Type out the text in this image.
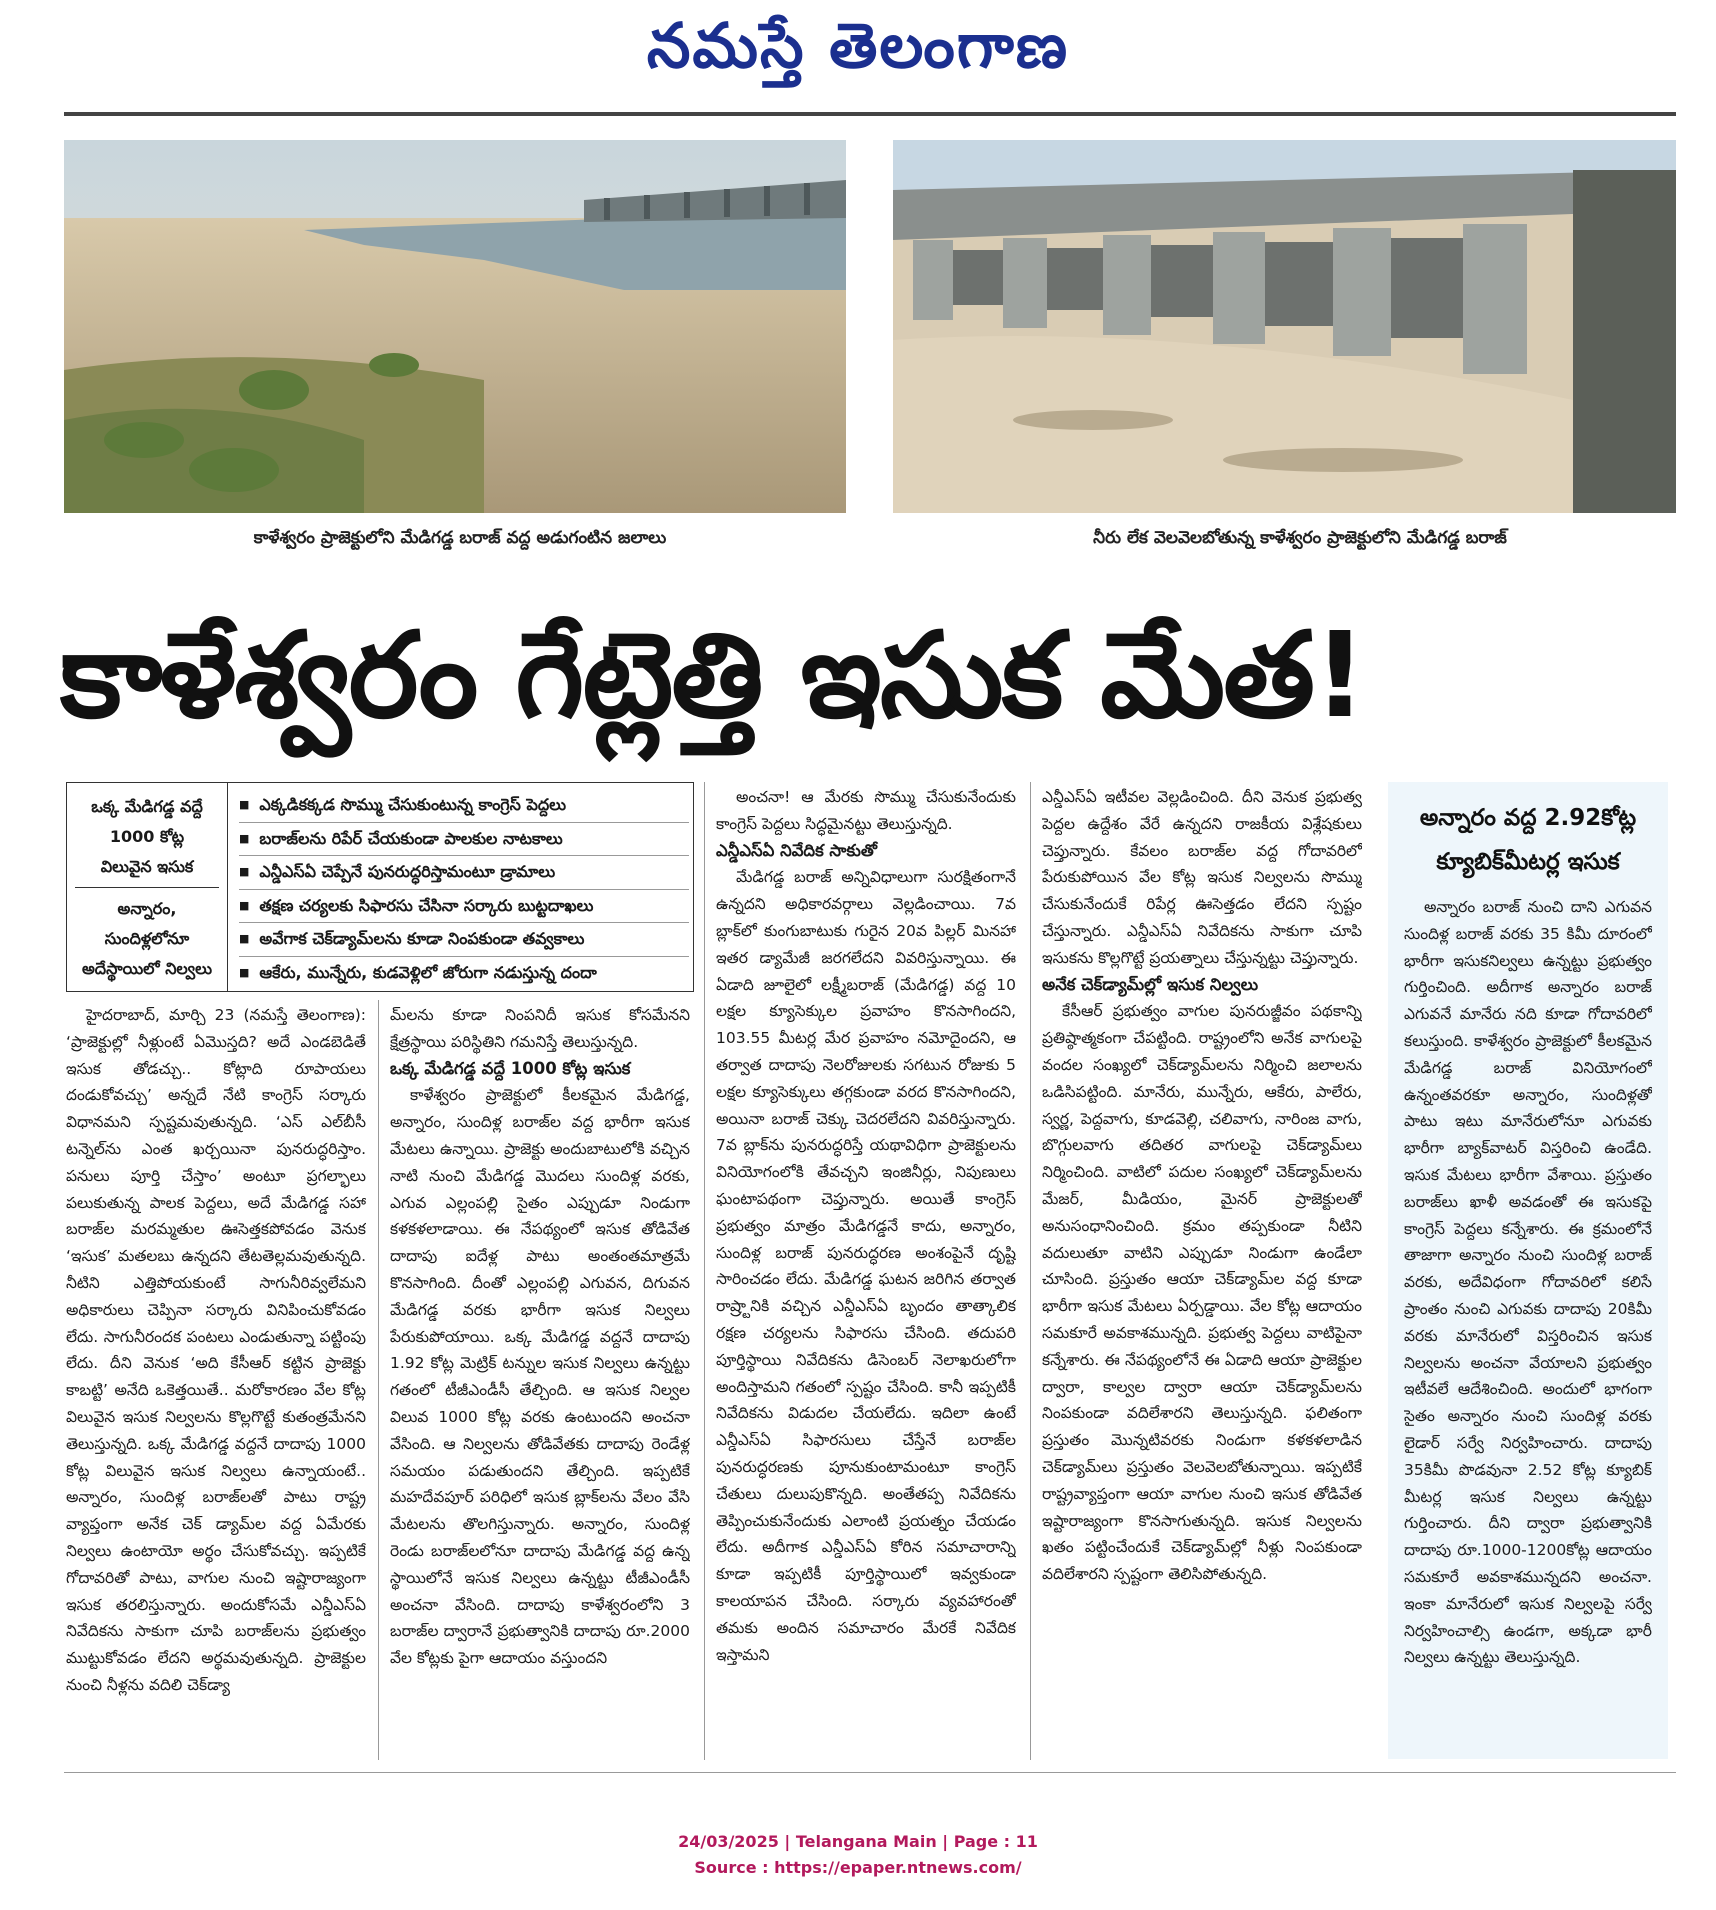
నమస్తే తెలంగాణ
కాళేశ్వరం ప్రాజెక్టులోని మేడిగడ్డ బరాజ్ వద్ద అడుగంటిన జలాలు	నీరు లేక వెలవెలబోతున్న కాళేశ్వరం ప్రాజెక్టులోని మేడిగడ్డ బరాజ్
కాళేశ్వరం గేట్లెత్తి ఇసుక మేత!
ఒక్క మేడిగడ్డ వద్దే
1000 కోట్ల
విలువైన ఇసుక
అన్నారం,
సుందిళ్లలోనూ
అదేస్థాయిలో నిల్వలు
■ ఎక్కడికక్కడ సొమ్ము చేసుకుంటున్న కాంగ్రెస్ పెద్దలు
■ బరాజ్‌లను రిపేర్ చేయకుండా పాలకుల నాటకాలు
■ ఎన్డీఎస్‌ఏ చెప్పేనే పునరుద్ధరిస్తామంటూ డ్రామాలు
■ తక్షణ చర్యలకు సిఫారసు చేసినా సర్కారు బుట్టదాఖలు
■ అవేగాక చెక్‌డ్యామ్‌లను కూడా నింపకుండా తవ్వకాలు
■ ఆకేరు, మున్నేరు, కుడవెళ్లిలో జోరుగా నడుస్తున్న దందా

హైదరాబాద్, మార్చి 23 (నమస్తే తెలంగాణ): ‘ప్రాజెక్టుల్లో నీళ్లుంటే ఏమొస్తది? అదే ఎండబెడితే ఇసుక తోడచ్చు.. కోట్లాది రూపాయలు దండుకోవచ్చు’ అన్నదే నేటి కాంగ్రెస్ సర్కారు విధానమని స్పష్టమవుతున్నది. ‘ఎస్ ఎల్‌బీసీ టన్నెల్‌ను ఎంత ఖర్చయినా పునరుద్ధరిస్తాం. పనులు పూర్తి చేస్తాం’ అంటూ ప్రగల్భాలు పలుకుతున్న పాలక పెద్దలు, అదే మేడిగడ్డ సహా బరాజ్‌ల మరమ్మతుల ఊసెత్తకపోవడం వెనుక ‘ఇసుక’ మతలబు ఉన్నదని తేటతెల్లమవుతున్నది. నీటిని ఎత్తిపోయకుంటే సాగునీరివ్వలేమని అధికారులు చెప్పినా సర్కారు వినిపించుకోవడం లేదు. సాగునీరందక పంటలు ఎండుతున్నా పట్టింపు లేదు. దీని వెనుక ‘అది కేసీఆర్ కట్టిన ప్రాజెక్టు కాబట్టి’ అనేది ఒకెత్తయితే.. మరోకారణం వేల కోట్ల విలువైన ఇసుక నిల్వలను కొల్లగొట్టే కుతంత్రమేనని తెలుస్తున్నది. ఒక్క మేడిగడ్డ వద్దనే దాదాపు 1000 కోట్ల విలువైన ఇసుక నిల్వలు ఉన్నాయంటే.. అన్నారం, సుందిళ్ల బరాజ్‌లతో పాటు రాష్ట్ర వ్యాప్తంగా అనేక చెక్ డ్యామ్‌ల వద్ద ఏమేరకు నిల్వలు ఉంటాయో అర్థం చేసుకోవచ్చు. ఇప్పటికే గోదావరితో పాటు, వాగుల నుంచి ఇష్టారాజ్యంగా ఇసుక తరలిస్తున్నారు. అందుకోసమే ఎన్డీఎస్‌ఏ నివేదికను సాకుగా చూపి బరాజ్‌లను ప్రభుత్వం ముట్టుకోవడం లేదని అర్థమవుతున్నది. ప్రాజెక్టుల నుంచి నీళ్లను వదిలి చెక్‌డ్యా

మ్‌లను కూడా నింపనిదీ ఇసుక కోసమేనని క్షేత్రస్థాయి పరిస్థితిని గమనిస్తే తెలుస్తున్నది.

ఒక్క మేడిగడ్డ వద్దే 1000 కోట్ల ఇసుక

కాళేశ్వరం ప్రాజెక్టులో కీలకమైన మేడిగడ్డ, అన్నారం, సుందిళ్ల బరాజ్‌ల వద్ద భారీగా ఇసుక మేటలు ఉన్నాయి. ప్రాజెక్టు అందుబాటులోకి వచ్చిన నాటి నుంచి మేడిగడ్డ మొదలు సుందిళ్ల వరకు, ఎగువ ఎల్లంపల్లి సైతం ఎప్పుడూ నిండుగా కళకళలాడాయి. ఈ నేపథ్యంలో ఇసుక తోడివేత దాదాపు ఐదేళ్ల పాటు అంతంతమాత్రమే కొనసాగింది. దీంతో ఎల్లంపల్లి ఎగువన, దిగువన మేడిగడ్డ వరకు భారీగా ఇసుక నిల్వలు పేరుకుపోయాయి. ఒక్క మేడిగడ్డ వద్దనే దాదాపు 1.92 కోట్ల మెట్రిక్ టన్నుల ఇసుక నిల్వలు ఉన్నట్టు గతంలో టీజీఎండీసీ తేల్చింది. ఆ ఇసుక నిల్వల విలువ 1000 కోట్ల వరకు ఉంటుందని అంచనా వేసింది. ఆ నిల్వలను తోడివేతకు దాదాపు రెండేళ్ల సమయం పడుతుందని తేల్చింది. ఇప్పటికే మహదేవపూర్ పరిధిలో ఇసుక బ్లాక్‌లను వేలం వేసి మేటలను తొలగిస్తున్నారు. అన్నారం, సుందిళ్ల రెండు బరాజ్‌లలోనూ దాదాపు మేడిగడ్డ వద్ద ఉన్న స్థాయిలోనే ఇసుక నిల్వలు ఉన్నట్టు టీజీఎండీసీ అంచనా వేసింది. దాదాపు కాళేశ్వరంలోని 3 బరాజ్‌ల ద్వారానే ప్రభుత్వానికి దాదాపు రూ.2000 వేల కోట్లకు పైగా ఆదాయం వస్తుందని

అంచనా! ఆ మేరకు సొమ్ము చేసుకునేందుకు కాంగ్రెస్ పెద్దలు సిద్ధమైనట్టు తెలుస్తున్నది.

ఎన్డీఎస్‌ఏ నివేదిక సాకుతో

మేడిగడ్డ బరాజ్ అన్నివిధాలుగా సురక్షితంగానే ఉన్నదని అధికారవర్గాలు వెల్లడించాయి. 7వ బ్లాక్‌లో కుంగుబాటుకు గురైన 20వ పిల్లర్ మినహా ఇతర డ్యామేజీ జరగలేదని వివరిస్తున్నాయి. ఈ ఏడాది జూలైలో లక్ష్మీబరాజ్ (మేడిగడ్డ) వద్ద 10 లక్షల క్యూసెక్కుల ప్రవాహం కొనసాగిందని, 103.55 మీటర్ల మేర ప్రవాహం నమోదైందని, ఆ తర్వాత దాదాపు నెలరోజులకు సగటున రోజుకు 5 లక్షల క్యూసెక్కులు తగ్గకుండా వరద కొనసాగిందని, అయినా బరాజ్ చెక్కు చెదరలేదని వివరిస్తున్నారు. 7వ బ్లాక్‌ను పునరుద్ధరిస్తే యథావిధిగా ప్రాజెక్టులను వినియోగంలోకి తేవచ్చని ఇంజినీర్లు, నిపుణులు ఘంటాపథంగా చెప్తున్నారు. అయితే కాంగ్రెస్ ప్రభుత్వం మాత్రం మేడిగడ్డనే కాదు, అన్నారం, సుందిళ్ల బరాజ్ పునరుద్ధరణ అంశంపైనే దృష్టి సారించడం లేదు. మేడిగడ్డ ఘటన జరిగిన తర్వాత రాష్ర్టానికి వచ్చిన ఎన్డీఎస్‌ఏ బృందం తాత్కాలిక రక్షణ చర్యలను సిఫారసు చేసింది. తదుపరి పూర్తిస్థాయి నివేదికను డిసెంబర్ నెలాఖరులోగా అందిస్తామని గతంలో స్పష్టం చేసింది. కానీ ఇప్పటికీ నివేదికను విడుదల చేయలేదు. ఇదిలా ఉంటే ఎన్డీఎస్‌ఏ సిఫారసులు చేస్తేనే బరాజ్‌ల పునరుద్ధరణకు పూనుకుంటామంటూ కాంగ్రెస్ చేతులు దులుపుకొన్నది. అంతేతప్ప నివేదికను తెప్పించుకునేందుకు ఎలాంటి ప్రయత్నం చేయడం లేదు. అదీగాక ఎన్డీఎస్‌ఏ కోరిన సమాచారాన్ని కూడా ఇప్పటికీ పూర్తిస్థాయిలో ఇవ్వకుండా కాలయాపన చేసింది. సర్కారు వ్యవహారంతో తమకు అందిన సమాచారం మేరకే నివేదిక ఇస్తామని

ఎన్డీఎస్‌ఏ ఇటీవల వెల్లడించింది. దీని వెనుక ప్రభుత్వ పెద్దల ఉద్దేశం వేరే ఉన్నదని రాజకీయ విశ్లేషకులు చెప్తున్నారు. కేవలం బరాజ్‌ల వద్ద గోదావరిలో పేరుకుపోయిన వేల కోట్ల ఇసుక నిల్వలను సొమ్ము చేసుకునేందుకే రిపేర్ల ఊసెత్తడం లేదని స్పష్టం చేస్తున్నారు. ఎన్డీఎస్‌ఏ నివేదికను సాకుగా చూపి ఇసుకను కొల్లగొట్టే ప్రయత్నాలు చేస్తున్నట్టు చెప్తున్నారు.

అనేక చెక్‌డ్యామ్‌ల్లో ఇసుక నిల్వలు

కేసీఆర్ ప్రభుత్వం వాగుల పునరుజ్జీవం పథకాన్ని ప్రతిష్ఠాత్మకంగా చేపట్టింది. రాష్ట్రంలోని అనేక వాగులపై వందల సంఖ్యలో చెక్‌డ్యామ్‌లను నిర్మించి జలాలను ఒడిసిపట్టింది. మానేరు, మున్నేరు, ఆకేరు, పాలేరు, స్వర్ణ, పెద్దవాగు, కూడవెల్లి, చలివాగు, నారింజ వాగు, బొగ్గులవాగు తదితర వాగులపై చెక్‌డ్యామ్‌లు నిర్మించింది. వాటిలో పదుల సంఖ్యలో చెక్‌డ్యామ్‌లను మేజర్, మీడియం, మైనర్ ప్రాజెక్టులతో అనుసంధానించింది. క్రమం తప్పకుండా నీటిని వదులుతూ వాటిని ఎప్పుడూ నిండుగా ఉండేలా చూసింది. ప్రస్తుతం ఆయా చెక్‌డ్యామ్‌ల వద్ద కూడా భారీగా ఇసుక మేటలు ఏర్పడ్డాయి. వేల కోట్ల ఆదాయం సమకూరే అవకాశమున్నది. ప్రభుత్వ పెద్దలు వాటిపైనా కన్నేశారు. ఈ నేపథ్యంలోనే ఈ ఏడాది ఆయా ప్రాజెక్టుల ద్వారా, కాల్వల ద్వారా ఆయా చెక్‌డ్యామ్‌లను నింపకుండా వదిలేశారని తెలుస్తున్నది. ఫలితంగా ప్రస్తుతం మొన్నటివరకు నిండుగా కళకళలాడిన చెక్‌డ్యామ్‌లు ప్రస్తుతం వెలవెలబోతున్నాయి. ఇప్పటికే రాష్ట్రవ్యాప్తంగా ఆయా వాగుల నుంచి ఇసుక తోడివేత ఇష్టారాజ్యంగా కొనసాగుతున్నది. ఇసుక నిల్వలను ఖతం పట్టించేందుకే చెక్‌డ్యామ్‌ల్లో నీళ్లు నింపకుండా వదిలేశారని స్పష్టంగా తెలిసిపోతున్నది.

అన్నారం వద్ద 2.92కోట్ల
క్యూబిక్‌మీటర్ల ఇసుక

అన్నారం బరాజ్ నుంచి దాని ఎగువన సుందిళ్ల బరాజ్ వరకు 35 కిమీ దూరంలో భారీగా ఇసుకనిల్వలు ఉన్నట్టు ప్రభుత్వం గుర్తించింది. అదీగాక అన్నారం బరాజ్ ఎగువనే మానేరు నది కూడా గోదావరిలో కలుస్తుంది. కాళేశ్వరం ప్రాజెక్టులో కీలకమైన మేడిగడ్డ బరాజ్ వినియోగంలో ఉన్నంతవరకూ అన్నారం, సుందిళ్లతో పాటు ఇటు మానేరులోనూ ఎగువకు భారీగా బ్యాక్‌వాటర్ విస్తరించి ఉండేది. ఇసుక మేటలు భారీగా వేశాయి. ప్రస్తుతం బరాజ్‌లు ఖాళీ అవడంతో ఈ ఇసుకపై కాంగ్రెస్ పెద్దలు కన్నేశారు. ఈ క్రమంలోనే తాజాగా అన్నారం నుంచి సుందిళ్ల బరాజ్ వరకు, అదేవిధంగా గోదావరిలో కలిసే ప్రాంతం నుంచి ఎగువకు దాదాపు 20కిమీ వరకు మానేరులో విస్తరించిన ఇసుక నిల్వలను అంచనా వేయాలని ప్రభుత్వం ఇటీవలే ఆదేశించింది. అందులో భాగంగా సైతం అన్నారం నుంచి సుందిళ్ల వరకు లైడార్ సర్వే నిర్వహించారు. దాదాపు 35కిమీ పొడవునా 2.52 కోట్ల క్యూబిక్ మీటర్ల ఇసుక నిల్వలు ఉన్నట్టు గుర్తించారు. దీని ద్వారా ప్రభుత్వానికి దాదాపు రూ.1000-1200కోట్ల ఆదాయం సమకూరే అవకాశమున్నదని అంచనా. ఇంకా మానేరులో ఇసుక నిల్వలపై సర్వే నిర్వహించాల్సి ఉండగా, అక్కడా భారీ నిల్వలు ఉన్నట్టు తెలుస్తున్నది.

24/03/2025 | Telangana Main | Page : 11
Source : https://epaper.ntnews.com/
